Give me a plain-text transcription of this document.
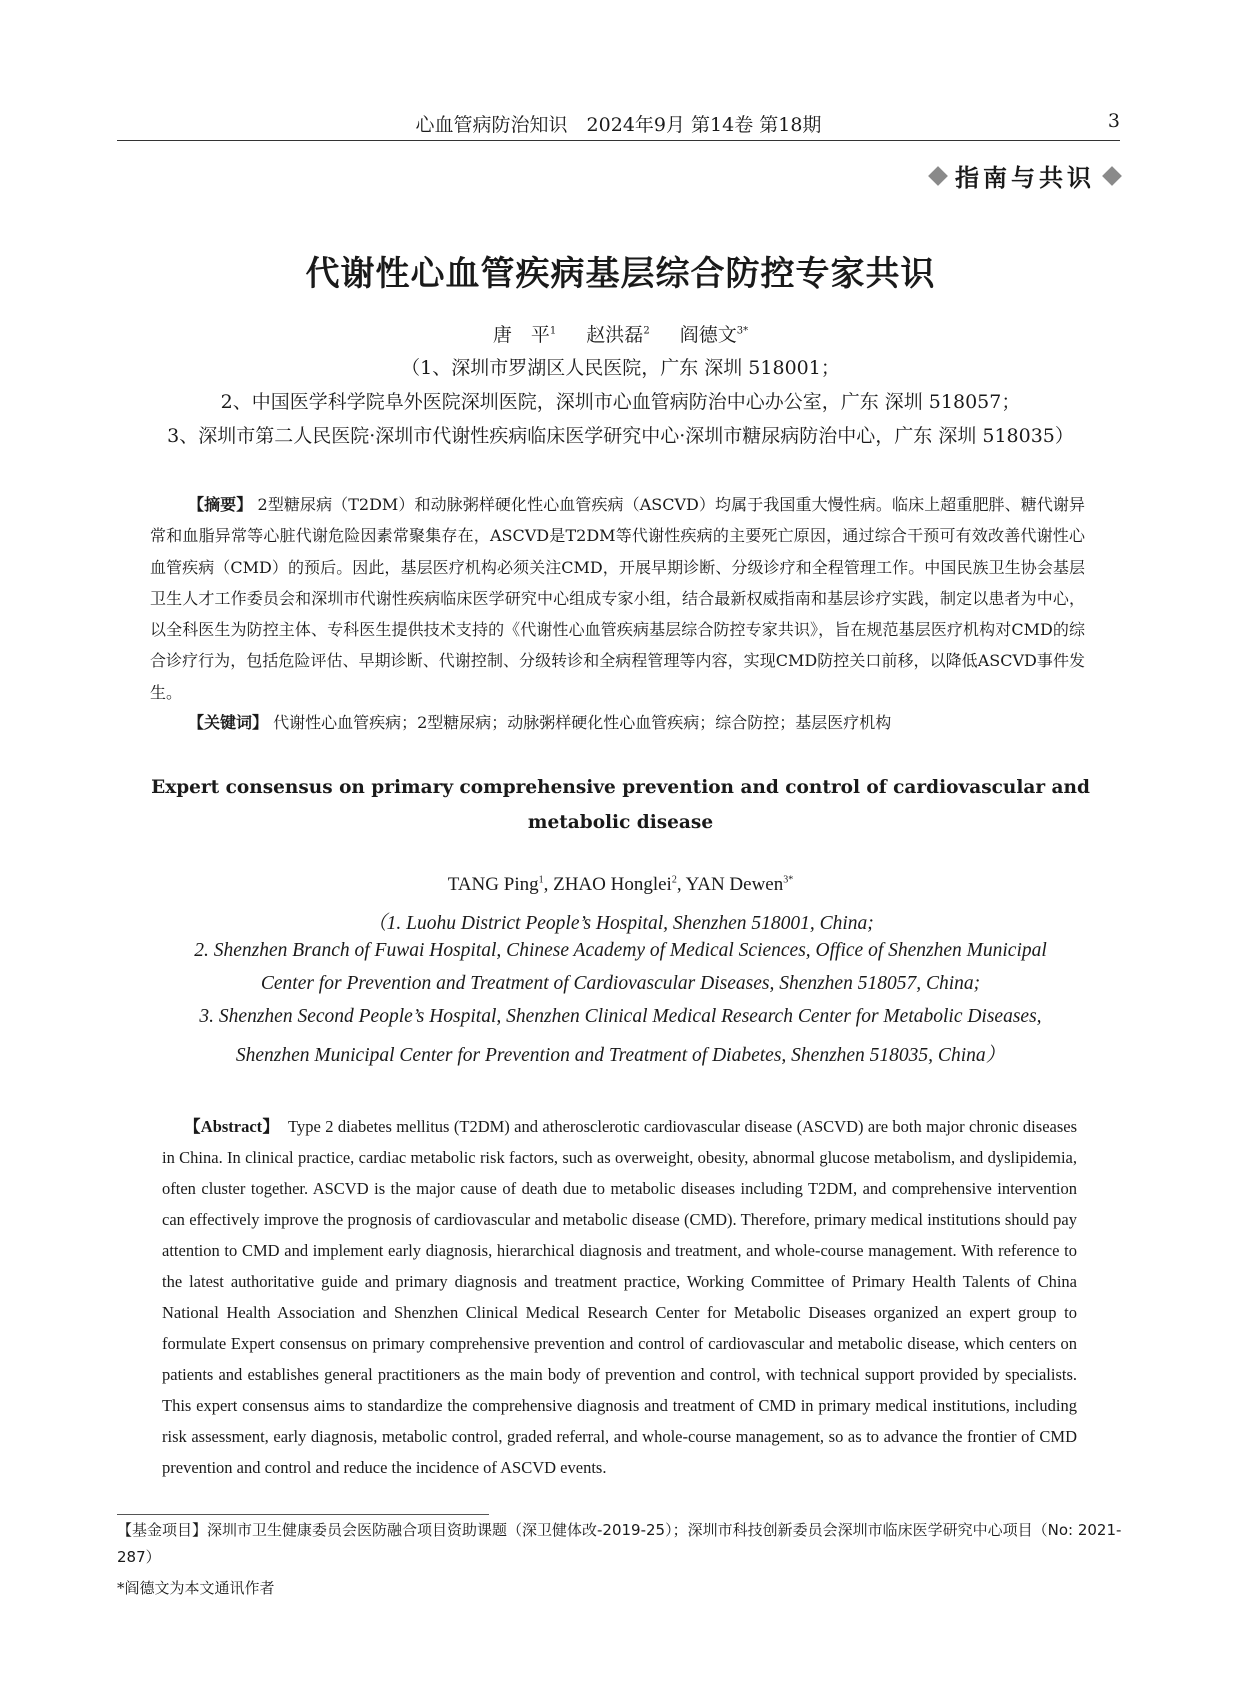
心血管病防治知识　2024年9月 第14卷 第18期	3
指南与共识
代谢性心血管疾病基层综合防控专家共识
唐　平$^1$ 赵洪磊$^2$ 阎德文$^{3*}$
（1、深圳市罗湖区人民医院，广东 深圳 518001；
2、中国医学科学院阜外医院深圳医院，深圳市心血管病防治中心办公室，广东 深圳 518057；
3、深圳市第二人民医院·深圳市代谢性疾病临床医学研究中心·深圳市糖尿病防治中心，广东 深圳 518035）

【摘要】 2型糖尿病（T2DM）和动脉粥样硬化性心血管疾病（ASCVD）均属于我国重大慢性病。临床上超重肥胖、糖代谢异常和血脂异常等心脏代谢危险因素常聚集存在，ASCVD是T2DM等代谢性疾病的主要死亡原因，通过综合干预可有效改善代谢性心血管疾病（CMD）的预后。因此，基层医疗机构必须关注CMD，开展早期诊断、分级诊疗和全程管理工作。中国民族卫生协会基层卫生人才工作委员会和深圳市代谢性疾病临床医学研究中心组成专家小组，结合最新权威指南和基层诊疗实践，制定以患者为中心，以全科医生为防控主体、专科医生提供技术支持的《代谢性心血管疾病基层综合防控专家共识》，旨在规范基层医疗机构对CMD的综合诊疗行为，包括危险评估、早期诊断、代谢控制、分级转诊和全病程管理等内容，实现CMD防控关口前移，以降低ASCVD事件发生。

【关键词】 代谢性心血管疾病；2型糖尿病；动脉粥样硬化性心血管疾病；综合防控；基层医疗机构

Expert consensus on primary comprehensive prevention and control of cardiovascular and metabolic disease

TANG Ping$^1$, ZHAO Honglei$^2$, YAN Dewen$^{3*}$
（1. Luohu District People’s Hospital, Shenzhen 518001, China;
2. Shenzhen Branch of Fuwai Hospital, Chinese Academy of Medical Sciences, Office of Shenzhen Municipal
Center for Prevention and Treatment of Cardiovascular Diseases, Shenzhen 518057, China;
3. Shenzhen Second People’s Hospital, Shenzhen Clinical Medical Research Center for Metabolic Diseases,
Shenzhen Municipal Center for Prevention and Treatment of Diabetes, Shenzhen 518035, China）

【Abstract】 Type 2 diabetes mellitus (T2DM) and atherosclerotic cardiovascular disease (ASCVD) are both major chronic diseases in China. In clinical practice, cardiac metabolic risk factors, such as overweight, obesity, abnormal glucose metabolism, and dyslipidemia, often cluster together. ASCVD is the major cause of death due to metabolic diseases including T2DM, and comprehensive intervention can effectively improve the prognosis of cardiovascular and metabolic disease (CMD). Therefore, primary medical institutions should pay attention to CMD and implement early diagnosis, hierarchical diagnosis and treatment, and whole-course management. With reference to the latest authoritative guide and primary diagnosis and treatment practice, Working Committee of Primary Health Talents of China National Health Association and Shenzhen Clinical Medical Research Center for Metabolic Diseases organized an expert group to formulate Expert consensus on primary comprehensive prevention and control of cardiovascular and metabolic disease, which centers on patients and establishes general practitioners as the main body of prevention and control, with technical support provided by specialists. This expert consensus aims to standardize the comprehensive diagnosis and treatment of CMD in primary medical institutions, including risk assessment, early diagnosis, metabolic control, graded referral, and whole-course management, so as to advance the frontier of CMD prevention and control and reduce the incidence of ASCVD events.

【基金项目】深圳市卫生健康委员会医防融合项目资助课题（深卫健体改-2019-25）；深圳市科技创新委员会深圳市临床医学研究中心项目（No: 2021-287）

*阎德文为本文通讯作者
